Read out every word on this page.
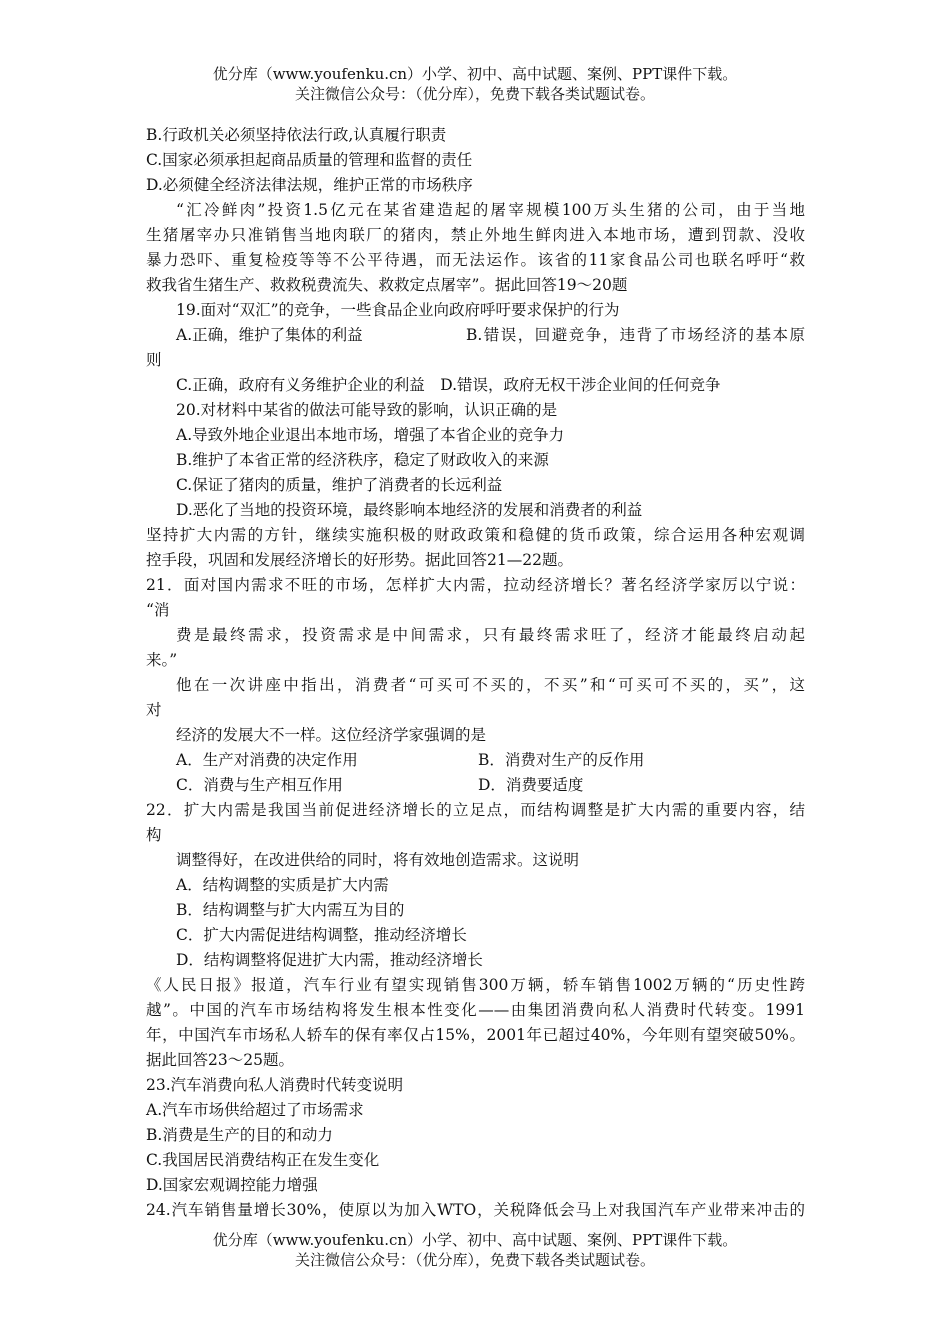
优分库（www.youfenku.cn）小学、初中、高中试题、案例、PPT课件下载。
关注微信公众号：（优分库），免费下载各类试题试卷。
B.行政机关必须坚持依法行政,认真履行职责
C.国家必须承担起商品质量的管理和监督的责任
D.必须健全经济法律法规，维护正常的市场秩序
“汇冷鲜肉”投资1.5亿元在某省建造起的屠宰规模100万头生猪的公司，由于当地
生猪屠宰办只准销售当地肉联厂的猪肉，禁止外地生鲜肉进入本地市场，遭到罚款、没收
暴力恐吓、重复检疫等等不公平待遇，而无法运作。该省的11家食品公司也联名呼吁“救
救我省生猪生产、救救税费流失、救救定点屠宰”。据此回答19～20题
19.面对“双汇”的竞争，一些食品企业向政府呼吁要求保护的行为
A.正确，维护了集体的利益	B.错误，回避竞争，违背了市场经济的基本原
则
C.正确，政府有义务维护企业的利益　D.错误，政府无权干涉企业间的任何竞争
20.对材料中某省的做法可能导致的影响，认识正确的是
A.导致外地企业退出本地市场，增强了本省企业的竞争力
B.维护了本省正常的经济秩序，稳定了财政收入的来源
C.保证了猪肉的质量，维护了消费者的长远利益
D.恶化了当地的投资环境，最终影响本地经济的发展和消费者的利益
坚持扩大内需的方针，继续实施积极的财政政策和稳健的货币政策，综合运用各种宏观调
控手段，巩固和发展经济增长的好形势。据此回答21—22题。
21．面对国内需求不旺的市场，怎样扩大内需，拉动经济增长？著名经济学家厉以宁说：
“消
费是最终需求，投资需求是中间需求，只有最终需求旺了，经济才能最终启动起
来。”
他在一次讲座中指出，消费者“可买可不买的，不买”和“可买可不买的，买”，这
对
经济的发展大不一样。这位经济学家强调的是
A．生产对消费的决定作用	B．消费对生产的反作用
C．消费与生产相互作用	D．消费要适度
22．扩大内需是我国当前促进经济增长的立足点，而结构调整是扩大内需的重要内容，结
构
调整得好，在改进供给的同时，将有效地创造需求。这说明
A．结构调整的实质是扩大内需
B．结构调整与扩大内需互为目的
C．扩大内需促进结构调整，推动经济增长
D．结构调整将促进扩大内需，推动经济增长
《人民日报》报道，汽车行业有望实现销售300万辆，轿车销售1002万辆的“历史性跨
越”。中国的汽车市场结构将发生根本性变化——由集团消费向私人消费时代转变。1991
年，中国汽车市场私人轿车的保有率仅占15%，2001年已超过40%，今年则有望突破50%。
据此回答23～25题。
23.汽车消费向私人消费时代转变说明
A.汽车市场供给超过了市场需求
B.消费是生产的目的和动力
C.我国居民消费结构正在发生变化
D.国家宏观调控能力增强
24.汽车销售量增长30%，使原以为加入WTO，关税降低会马上对我国汽车产业带来冲击的
优分库（www.youfenku.cn）小学、初中、高中试题、案例、PPT课件下载。
关注微信公众号：（优分库），免费下载各类试题试卷。
